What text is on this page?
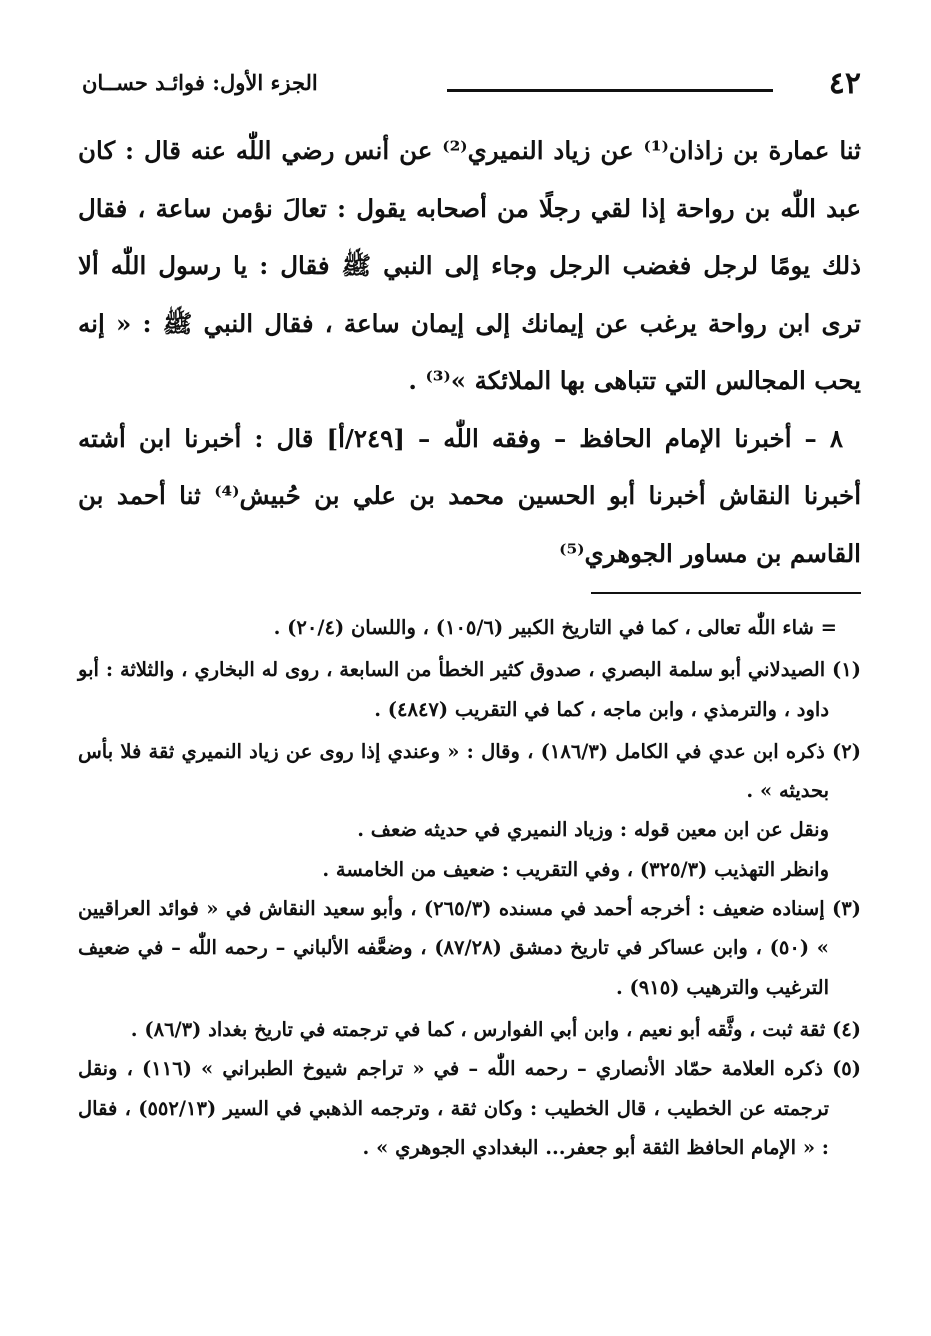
٤٢
الجزء الأول: فوائـد حســان

ثنا عمارة بن زاذان⁽¹⁾ عن زياد النميري⁽²⁾ عن أنس رضي اللّٰه عنه قال : كان عبد اللّٰه بن رواحة إذا لقي رجلًا من أصحابه يقول : تعالَ نؤمن ساعة ، فقال ذلك يومًا لرجل فغضب الرجل وجاء إلى النبي ﷺ فقال : يا رسول اللّٰه ألا ترى ابن رواحة يرغب عن إيمانك إلى إيمان ساعة ، فقال النبي ﷺ : « إنه يحب المجالس التي تتباهى بها الملائكة »⁽³⁾ .

٨ – أخبرنا الإمام الحافظ – وفقه اللّٰه – [٢٤٩/أ] قال : أخبرنا ابن أشته أخبرنا النقاش أخبرنا أبو الحسين محمد بن علي بن حُبيش⁽⁴⁾ ثنا أحمد بن القاسم بن مساور الجوهري⁽⁵⁾

= شاء اللّٰه تعالى ، كما في التاريخ الكبير (١٠٥/٦) ، واللسان (٢٠/٤) .
(١) الصيدلاني أبو سلمة البصري ، صدوق كثير الخطأ من السابعة ، روى له البخاري ، والثلاثة : أبو داود ، والترمذي ، وابن ماجه ، كما في التقريب (٤٨٤٧) .
(٢) ذكره ابن عدي في الكامل (١٨٦/٣) ، وقال : « وعندي إذا روى عن زياد النميري ثقة فلا بأس بحديثه » .
ونقل عن ابن معين قوله : وزياد النميري في حديثه ضعف .
وانظر التهذيب (٣٢٥/٣) ، وفي التقريب : ضعيف من الخامسة .
(٣) إسناده ضعيف : أخرجه أحمد في مسنده (٢٦٥/٣) ، وأبو سعيد النقاش في « فوائد العراقيين » (٥٠) ، وابن عساكر في تاريخ دمشق (٨٧/٢٨) ، وضعَّفه الألباني – رحمه اللّٰه – في ضعيف الترغيب والترهيب (٩١٥) .
(٤) ثقة ثبت ، وثَّقه أبو نعيم ، وابن أبي الفوارس ، كما في ترجمته في تاريخ بغداد (٨٦/٣) .
(٥) ذكره العلامة حمّاد الأنصاري – رحمه اللّٰه – في « تراجم شيوخ الطبراني » (١١٦) ، ونقل ترجمته عن الخطيب ، قال الخطيب : وكان ثقة ، وترجمه الذهبي في السير (٥٥٢/١٣) ، فقال : « الإمام الحافظ الثقة أبو جعفر... البغدادي الجوهري » .
